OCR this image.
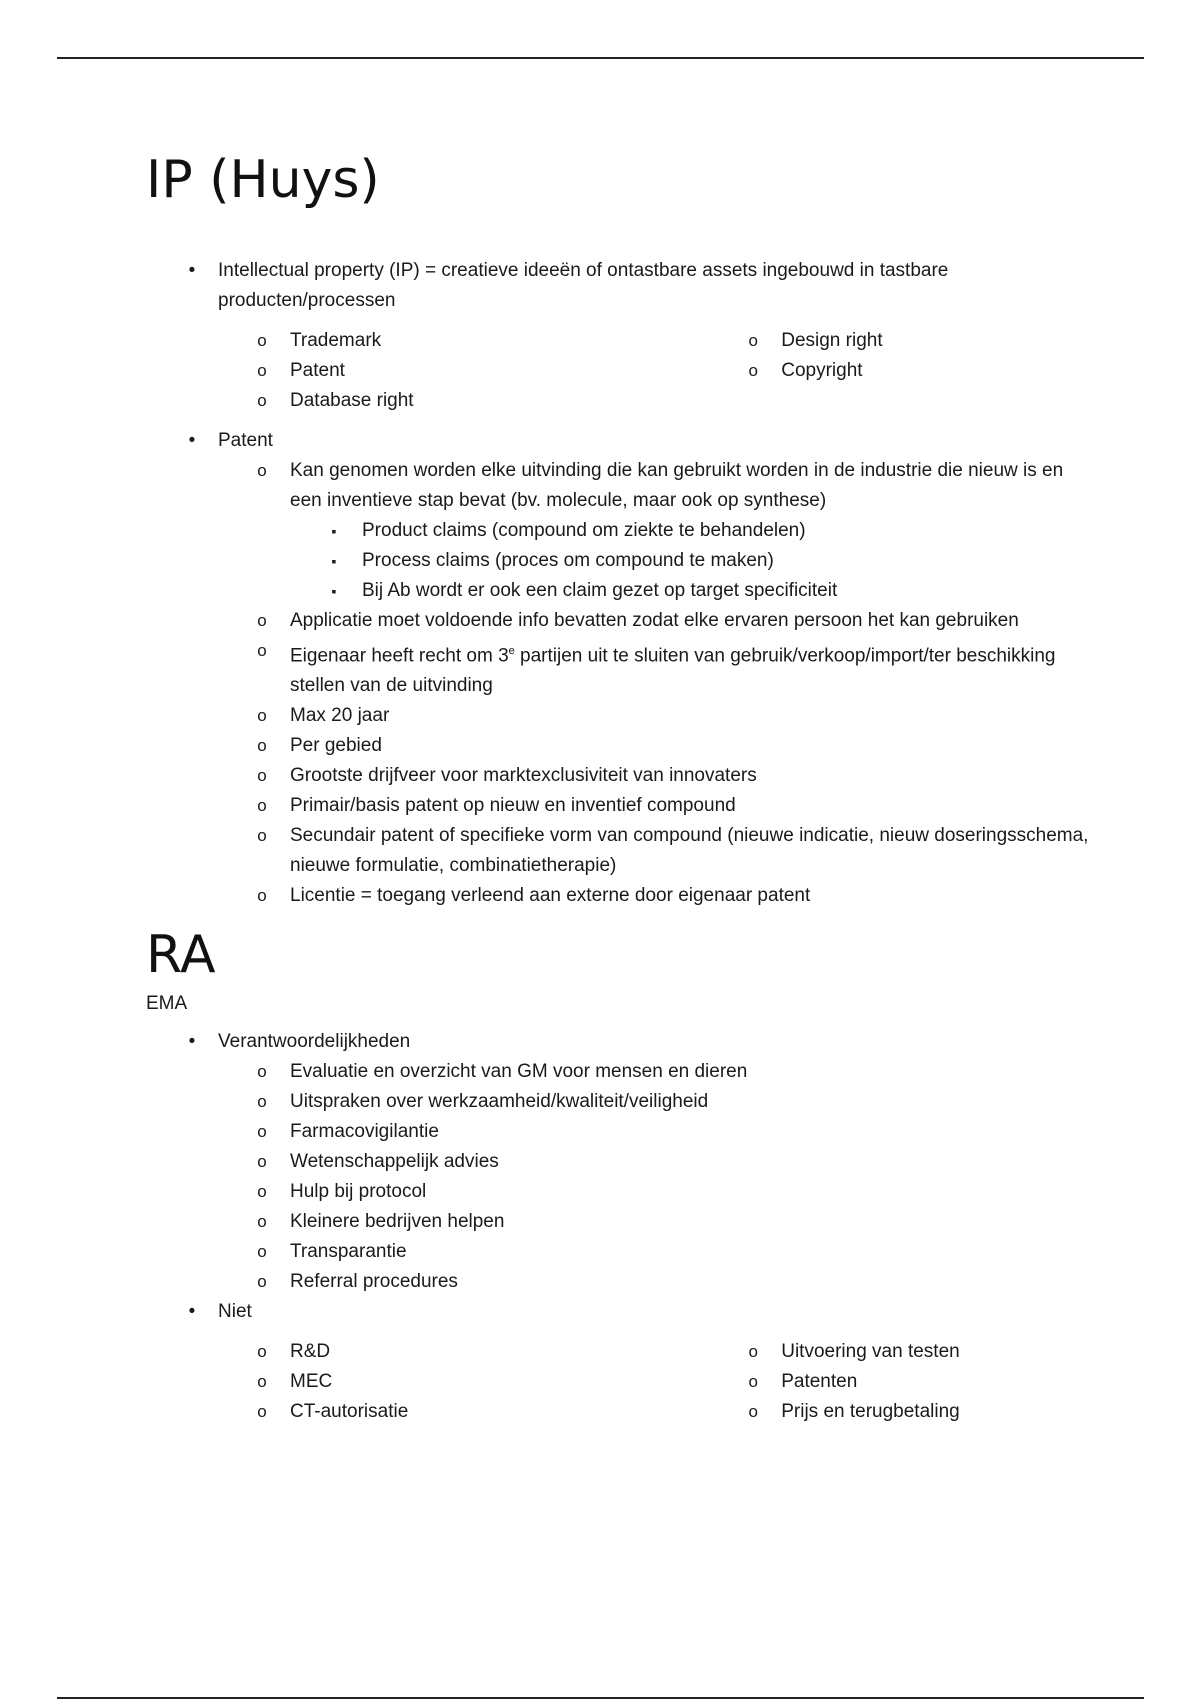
IP (Huys)
•	Intellectual property (IP) = creatieve ideeën of ontastbare assets ingebouwd in tastbare producten/processen
o Trademark
o Patent
o Database right
o Design right
o Copyright
•	Patent
o Kan genomen worden elke uitvinding die kan gebruikt worden in de industrie die nieuw is en een inventieve stap bevat (bv. molecule, maar ook op synthese)
▪	Product claims (compound om ziekte te behandelen)
▪	Process claims (proces om compound te maken)
▪	Bij Ab wordt er ook een claim gezet op target specificiteit
o Applicatie moet voldoende info bevatten zodat elke ervaren persoon het kan gebruiken
o Eigenaar heeft recht om 3e partijen uit te sluiten van gebruik/verkoop/import/ter beschikking stellen van de uitvinding
o Max 20 jaar
o Per gebied
o Grootste drijfveer voor marktexclusiviteit van innovaters
o Primair/basis patent op nieuw en inventief compound
o Secundair patent of specifieke vorm van compound (nieuwe indicatie, nieuw doseringsschema, nieuwe formulatie, combinatietherapie)
o Licentie = toegang verleend aan externe door eigenaar patent
RA
EMA
•	Verantwoordelijkheden
o Evaluatie en overzicht van GM voor mensen en dieren
o Uitspraken over werkzaamheid/kwaliteit/veiligheid
o Farmacovigilantie
o Wetenschappelijk advies
o Hulp bij protocol
o Kleinere bedrijven helpen
o Transparantie
o Referral procedures
•	Niet
o R&D
o MEC
o CT-autorisatie
o Uitvoering van testen
o Patenten
o Prijs en terugbetaling
